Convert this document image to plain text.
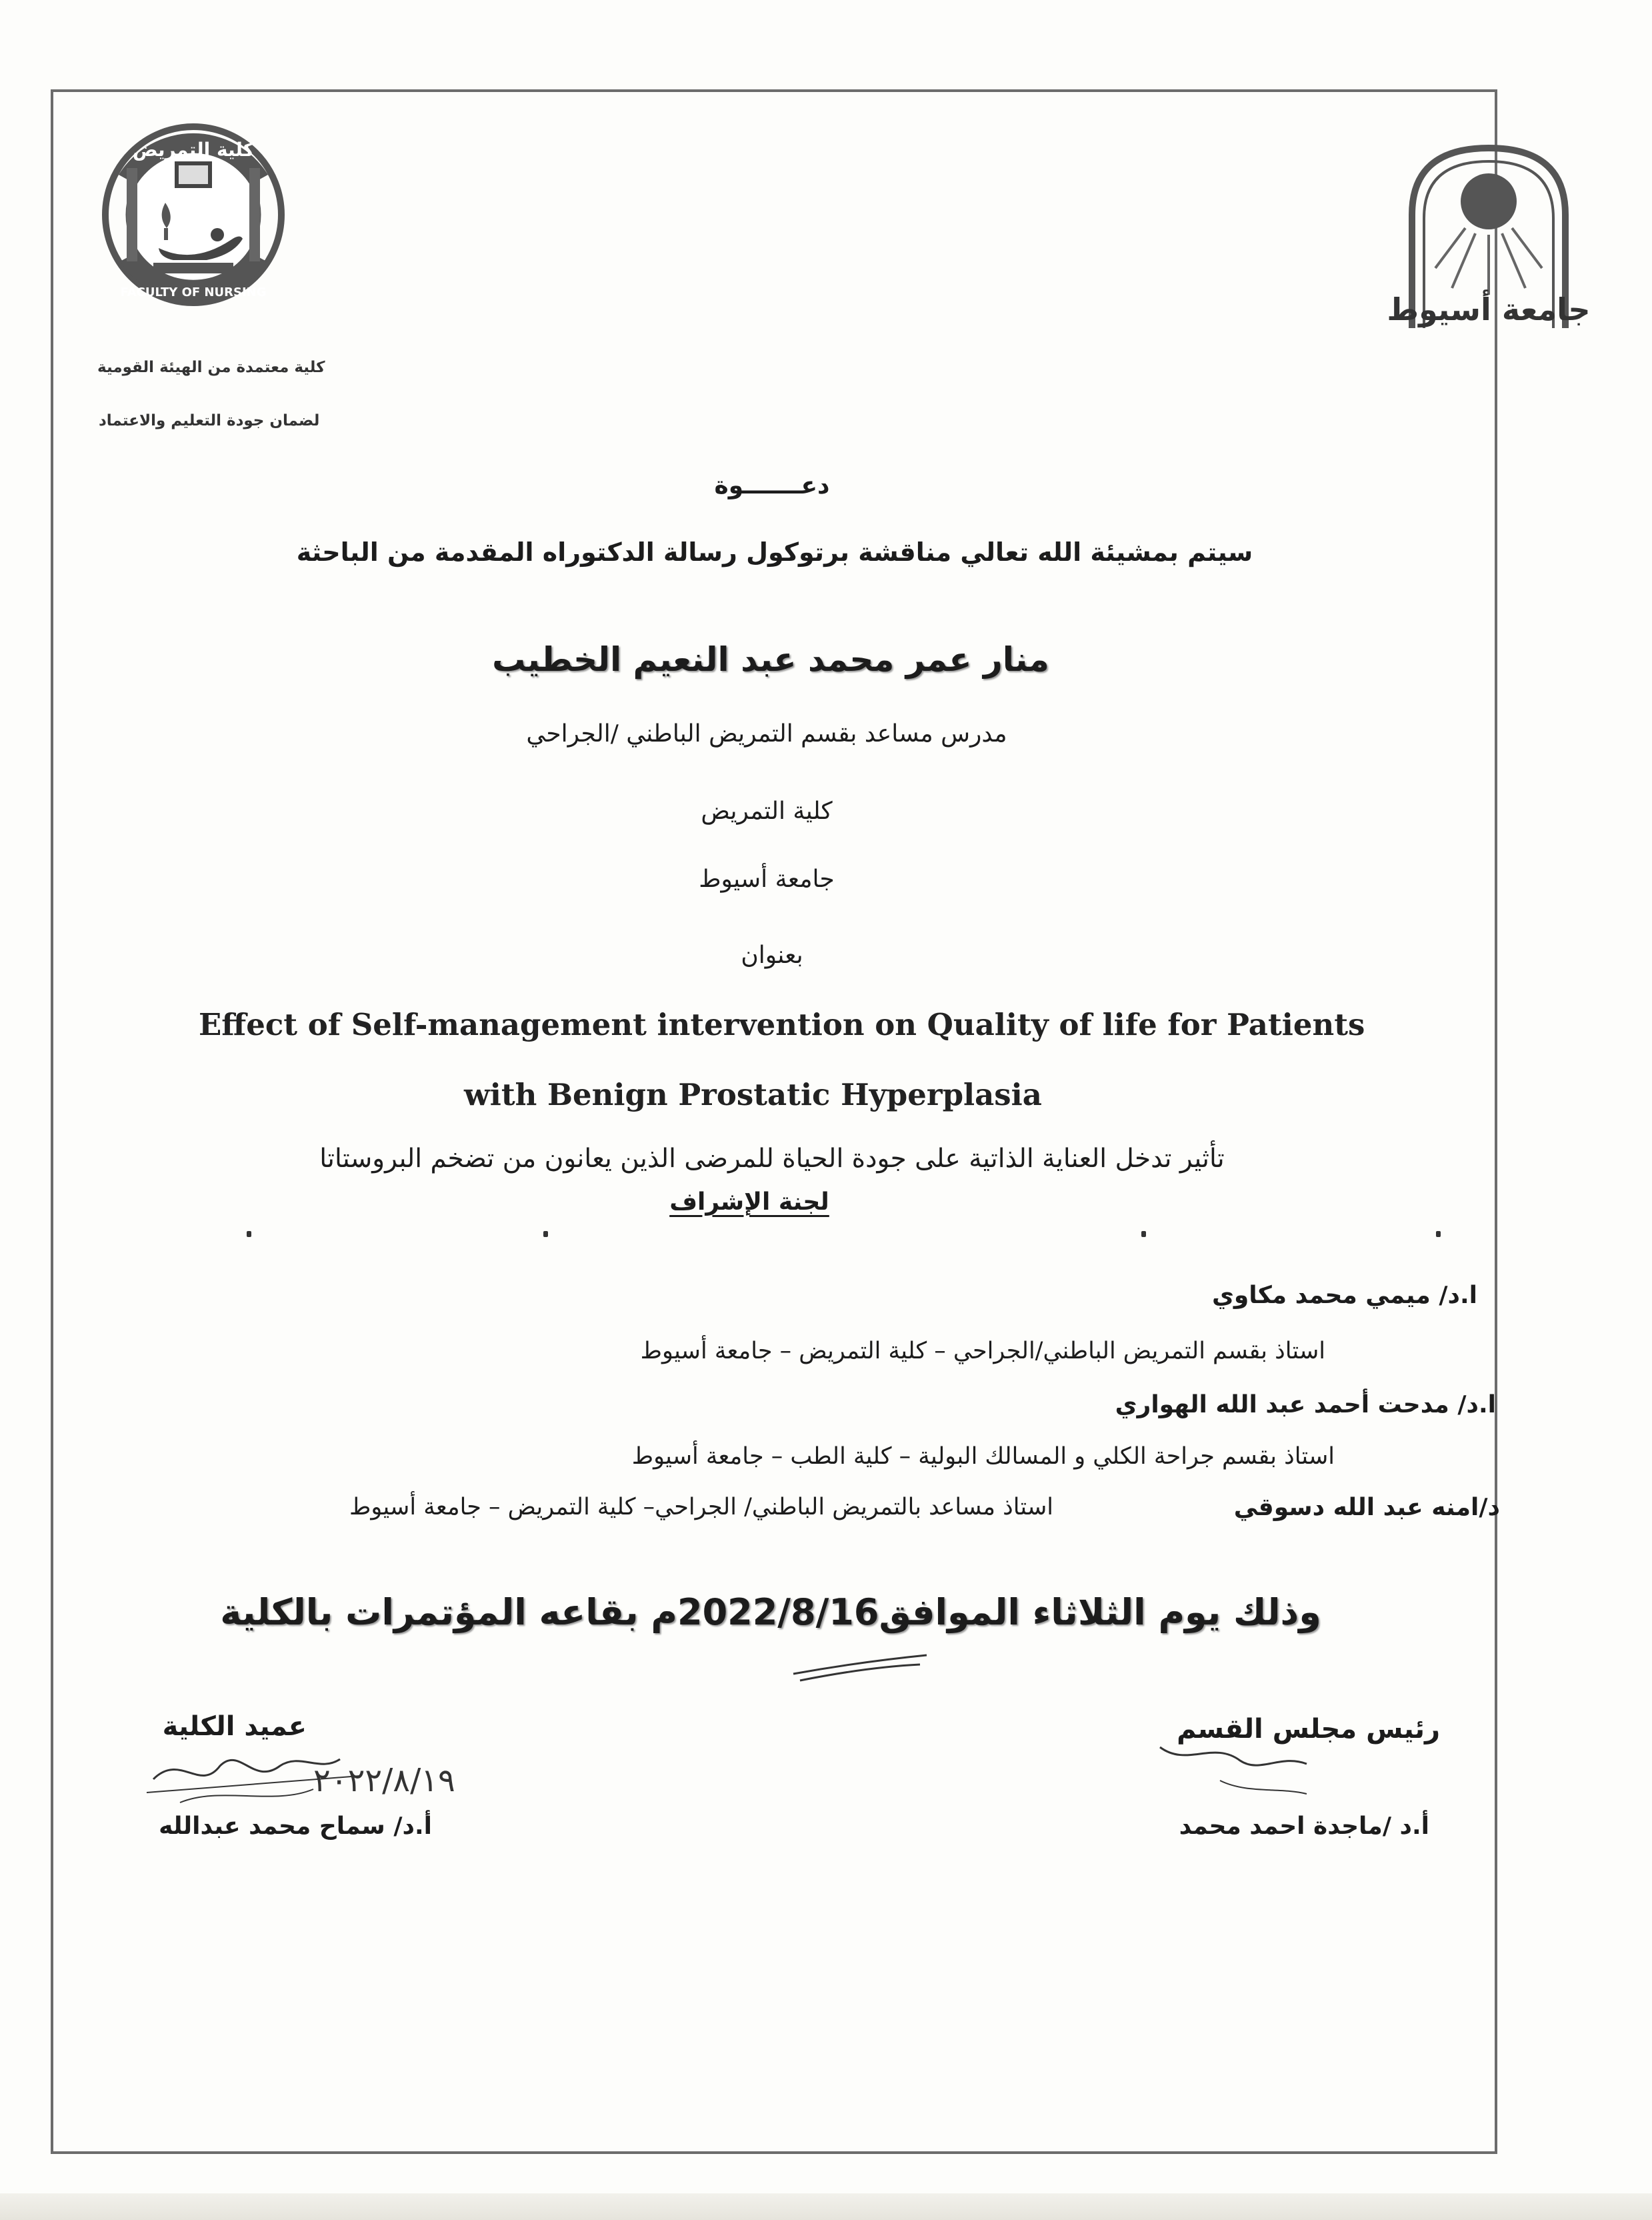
كلية التمريض
FACULTY OF NURSING	جامعة أسيوط
كلية معتمدة من الهيئة القومية
لضمان جودة التعليم والاعتماد
دعـــــــوة
سيتم بمشيئة الله تعالي مناقشة برتوكول رسالة الدكتوراه المقدمة من الباحثة
منار عمر محمد عبد النعيم الخطيب
مدرس مساعد بقسم التمريض الباطني /الجراحي
كلية التمريض
جامعة أسيوط
بعنوان
Effect of Self-management intervention on Quality of life for Patients
with Benign Prostatic Hyperplasia
تأثير تدخل العناية الذاتية على جودة الحياة للمرضى الذين يعانون من تضخم البروستاتا
لجنة الإشراف
ا.د/ ميمي محمد مكاوي
استاذ بقسم التمريض الباطني/الجراحي – كلية التمريض – جامعة أسيوط
ا.د/ مدحت أحمد عبد الله الهواري
استاذ بقسم جراحة الكلي و المسالك البولية – كلية الطب – جامعة أسيوط
د/امنه عبد الله دسوقي
استاذ مساعد بالتمريض الباطني/ الجراحي– كلية التمريض – جامعة أسيوط
وذلك يوم الثلاثاء الموافق2022/8/16م بقاعه المؤتمرات بالكلية
عميد الكلية
٢٠٢٢/٨/١٩
أ.د/ سماح محمد عبدالله
رئيس مجلس القسم
أ.د /ماجدة احمد محمد
